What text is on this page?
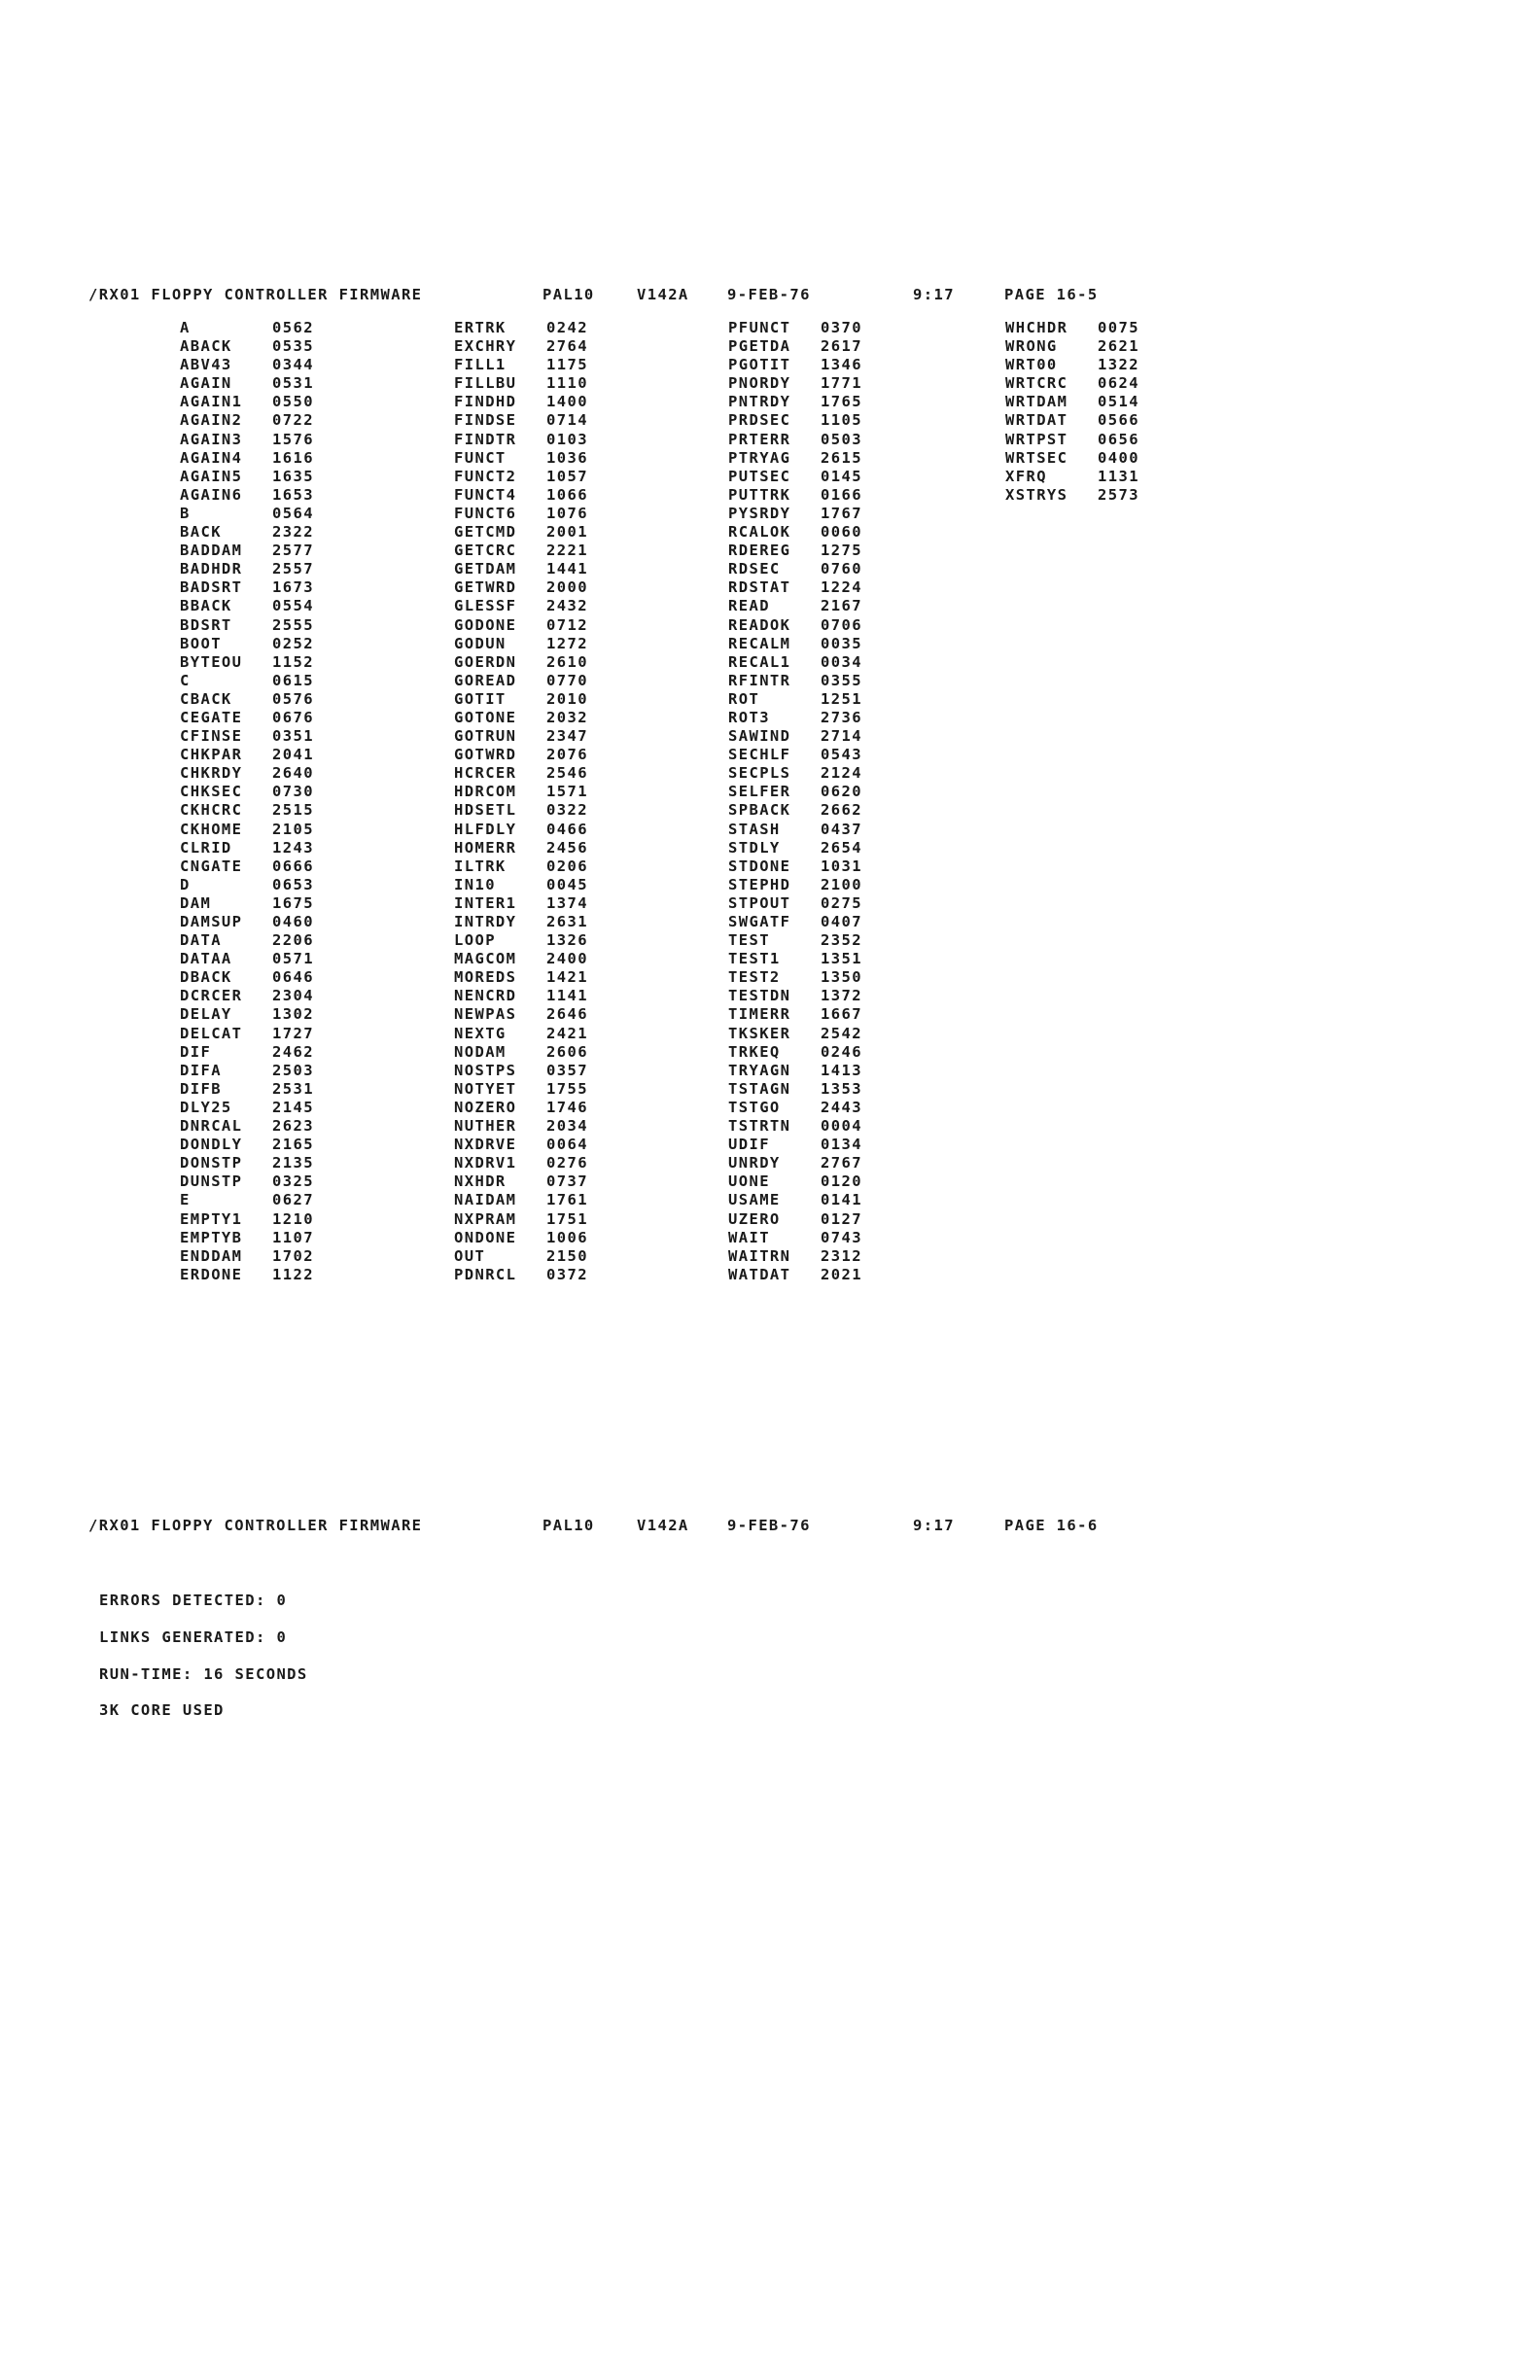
/RX01 FLOPPY CONTROLLER FIRMWARE	PAL10	V142A	9-FEB-76	9:17	PAGE 16-5
A	0562
ABACK	0535
ABV43	0344
AGAIN	0531
AGAIN1 0550
AGAIN2 0722
AGAIN3 1576
AGAIN4 1616
AGAIN5 1635
AGAIN6 1653
B	0564
BACK	2322
BADDAM 2577
BADHDR 2557
BADSRT 1673
BBACK	0554
BDSRT	2555
BOOT	0252
BYTEOU 1152
C	0615
CBACK	0576
CEGATE 0676
CFINSE 0351
CHKPAR 2041
CHKRDY 2640
CHKSEC 0730
CKHCRC 2515
CKHOME 2105
CLRID	1243
CNGATE 0666
D	0653
DAM	1675
DAMSUP 0460
DATA	2206
DATAA	0571
DBACK	0646
DCRCER 2304
DELAY	1302
DELCAT 1727
DIF	2462
DIFA	2503
DIFB	2531
DLY25	2145
DNRCAL 2623
DONDLY 2165
DONSTP 2135
DUNSTP 0325
E	0627
EMPTY1 1210
EMPTYB 1107
ENDDAM 1702
ERDONE 1122
ERTRK	0242
EXCHRY 2764
FILL1	1175
FILLBU 1110
FINDHD 1400
FINDSE 0714
FINDTR 0103
FUNCT	1036
FUNCT2 1057
FUNCT4 1066
FUNCT6 1076
GETCMD 2001
GETCRC 2221
GETDAM 1441
GETWRD 2000
GLESSF 2432
GODONE 0712
GODUN	1272
GOERDN 2610
GOREAD 0770
GOTIT	2010
GOTONE 2032
GOTRUN 2347
GOTWRD 2076
HCRCER 2546
HDRCOM 1571
HDSETL 0322
HLFDLY 0466
HOMERR 2456
ILTRK	0206
IN10	0045
INTER1 1374
INTRDY 2631
LOOP	1326
MAGCOM 2400
MOREDS 1421
NENCRD 1141
NEWPAS 2646
NEXTG	2421
NODAM	2606
NOSTPS 0357
NOTYET 1755
NOZERO 1746
NUTHER 2034
NXDRVE 0064
NXDRV1 0276
NXHDR	0737
NAIDAM 1761
NXPRAM 1751
ONDONE 1006
OUT	2150
PDNRCL 0372
PFUNCT 0370
PGETDA 2617
PGOTIT 1346
PNORDY 1771
PNTRDY 1765
PRDSEC 1105
PRTERR 0503
PTRYAG 2615
PUTSEC 0145
PUTTRK 0166
PYSRDY 1767
RCALOK 0060
RDEREG 1275
RDSEC	0760
RDSTAT 1224
READ	2167
READOK 0706
RECALM 0035
RECAL1 0034
RFINTR 0355
ROT	1251
ROT3	2736
SAWIND 2714
SECHLF 0543
SECPLS 2124
SELFER 0620
SPBACK 2662
STASH	0437
STDLY	2654
STDONE 1031
STEPHD 2100
STPOUT 0275
SWGATF 0407
TEST	2352
TEST1	1351
TEST2	1350
TESTDN 1372
TIMERR 1667
TKSKER 2542
TRKEQ	0246
TRYAGN 1413
TSTAGN 1353
TSTGO	2443
TSTRTN 0004
UDIF	0134
UNRDY	2767
UONE	0120
USAME	0141
UZERO	0127
WAIT	0743
WAITRN 2312
WATDAT 2021
WHCHDR 0075
WRONG	2621
WRT00	1322
WRTCRC 0624
WRTDAM 0514
WRTDAT 0566
WRTPST 0656
WRTSEC 0400
XFRQ	1131
XSTRYS 2573
/RX01 FLOPPY CONTROLLER FIRMWARE	PAL10	V142A	9-FEB-76	9:17	PAGE 16-6
ERRORS DETECTED: 0
LINKS GENERATED: 0
RUN-TIME: 16 SECONDS
3K CORE USED
